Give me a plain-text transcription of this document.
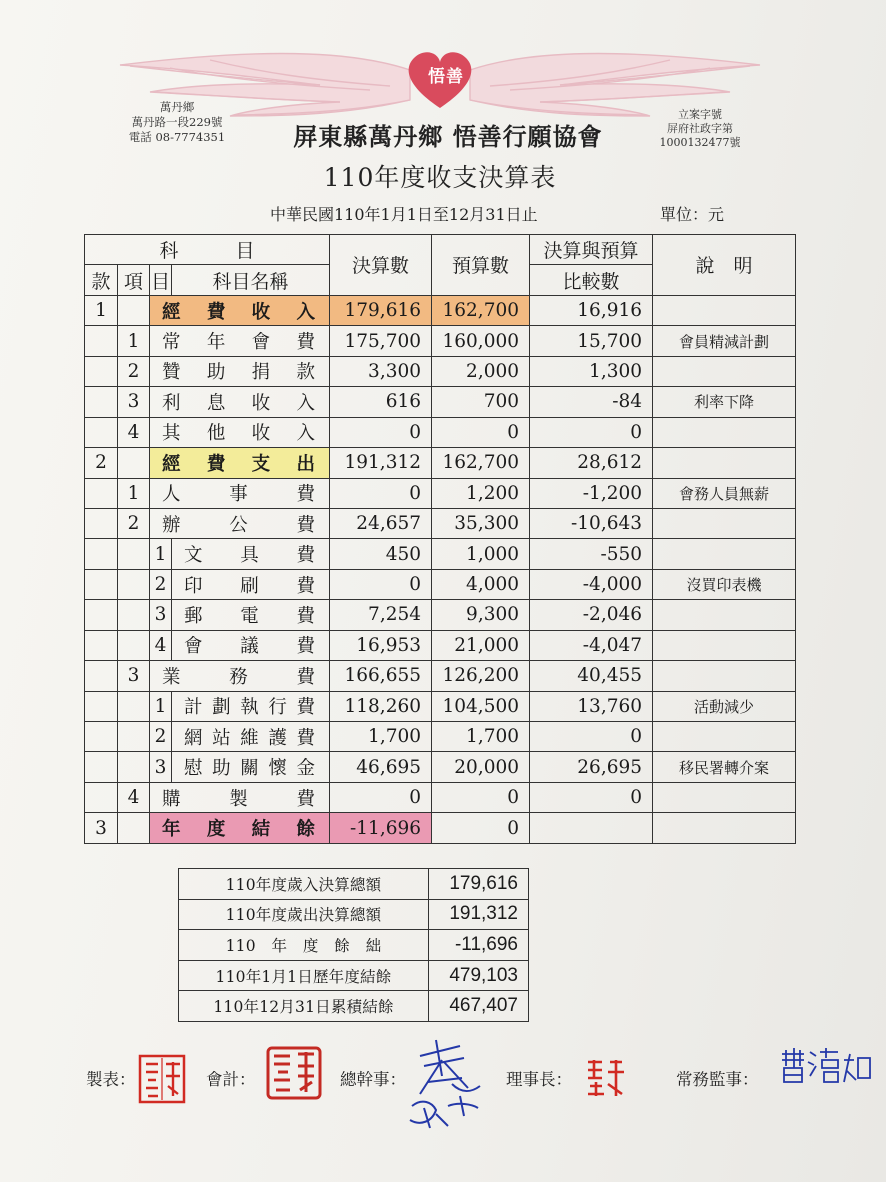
悟善
萬丹鄉
萬丹路一段229號
電話 08-7774351
立案字號
屏府社政字第
1000132477號
屏東縣萬丹鄉 悟善行願協會
110年度收支決算表
中華民國110年1月1日至12月31日止	單位：元
科　　　目				決算數	預算數	決算與預算	說　明
款	項	目	科目名稱			比較數	
1		經費收入		179,616	162,700	16,916	
	1	常年會費		175,700	160,000	15,700	會員精減計劃
	2	贊助捐款		3,300	2,000	1,300	
	3	利息收入		616	700	-84	利率下降
	4	其他收入		0	0	0	
2		經費支出		191,312	162,700	28,612	
	1	人事費		0	1,200	-1,200	會務人員無薪
	2	辦公費		24,657	35,300	-10,643	
		1	文具費	450	1,000	-550	
		2	印刷費	0	4,000	-4,000	沒買印表機
		3	郵電費	7,254	9,300	-2,046	
		4	會議費	16,953	21,000	-4,047	
	3	業務費		166,655	126,200	40,455	
		1	計劃執行費	118,260	104,500	13,760	活動減少
		2	網站維護費	1,700	1,700	0	
		3	慰助關懷金	46,695	20,000	26,695	移民署轉介案
	4	購製費		0	0	0	
3		年度結餘		-11,696	0		
110年度歲入決算總額	179,616
110年度歲出決算總額	191,312
110　年　度　餘　絀	-11,696
110年1月1日歷年度結餘	479,103
110年12月31日累積結餘	467,407
製表：	會計：	總幹事：	理事長：	常務監事：
